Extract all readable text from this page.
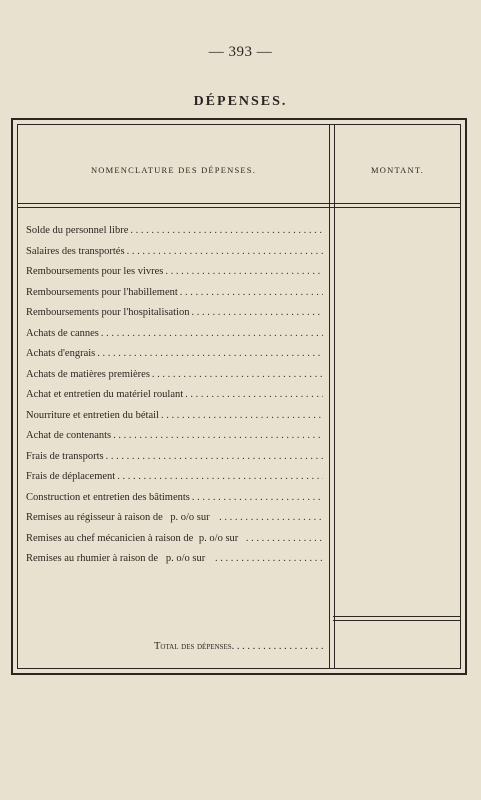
— 393 —
DÉPENSES.
NOMENCLATURE DES DÉPENSES.	MONTANT.
Solde du personnel libre
. . .
Salaires des transportés
. . .
Remboursements pour les vivres
. . .
Remboursements pour l'habillement
. . .
Remboursements pour l'hospitalisation
. . .
Achats de cannes
. . .
Achats d'engrais
. . .
Achats de matières premières
. . .
Achat et entretien du matériel roulant
. . .
Nourriture et entretien du bétail
. . .
Achat de contenants
. . .
Frais de transports
. . .
Frais de déplacement
. . .
Construction et entretien des bâtiments
. . .
Remises au régisseur à raison de p. o/o sur
. . .
Remises au chef mécanicien à raison de p. o/o sur
. . .
Remises au rhumier à raison de p. o/o sur
. . .
Total des dépenses
. . .
